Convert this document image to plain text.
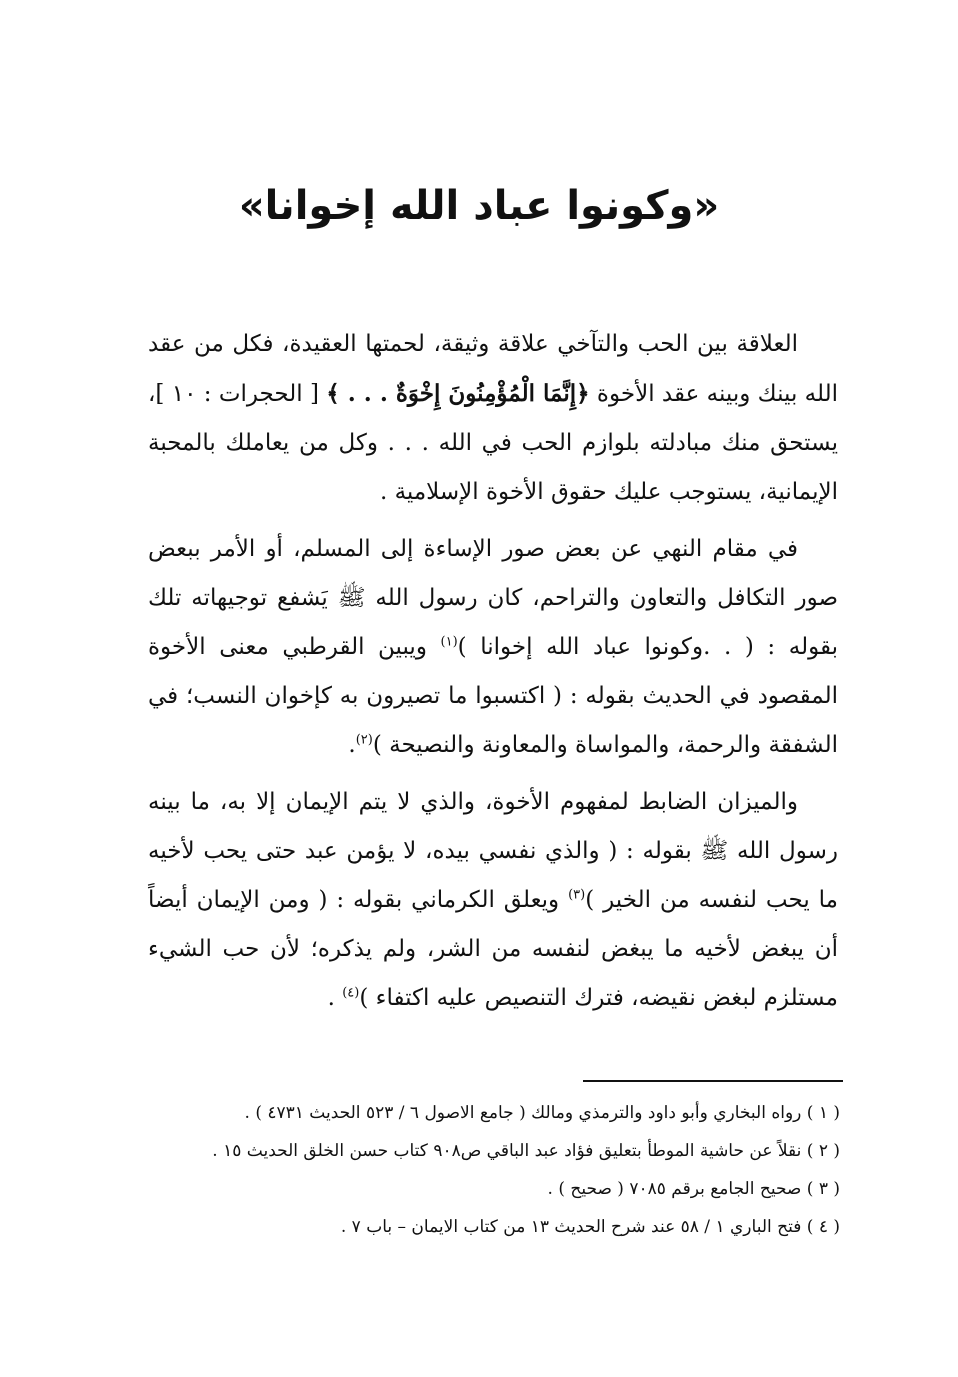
«وكونوا عباد الله إخوانا»

العلاقة بين الحب والتآخي علاقة وثيقة، لحمتها العقيدة، فكل من عقد الله بينك وبينه عقد الأخوة ﴿إِنَّمَا الْمُؤْمِنُونَ إِخْوَةٌ . . . ﴾ [ الحجرات : ١٠ ]، يستحق منك مبادلته بلوازم الحب في الله . . . وكل من يعاملك بالمحبة الإيمانية، يستوجب عليك حقوق الأخوة الإسلامية .

في مقام النهي عن بعض صور الإساءة إلى المسلم، أو الأمر ببعض صور التكافل والتعاون والتراحم، كان رسول الله ﷺ يَشفع توجيهاته تلك بقوله : ( . .وكونوا عباد الله إخوانا )$^{(١)}$ ويبين القرطبي معنى الأخوة المقصود في الحديث بقوله : ( اكتسبوا ما تصيرون به كإخوان النسب؛ في الشفقة والرحمة، والمواساة والمعاونة والنصيحة )$^{(٢)}$.

والميزان الضابط لمفهوم الأخوة، والذي لا يتم الإيمان إلا به، ما بينه رسول الله ﷺ بقوله : ( والذي نفسي بيده، لا يؤمن عبد حتى يحب لأخيه ما يحب لنفسه من الخير )$^{(٣)}$ ويعلق الكرماني بقوله : ( ومن الإيمان أيضاً أن يبغض لأخيه ما يبغض لنفسه من الشر، ولم يذكره؛ لأن حب الشيء مستلزم لبغض نقيضه، فترك التنصيص عليه اكتفاء )$^{(٤)}$ .

( ١ ) رواه البخاري وأبو داود والترمذي ومالك ( جامع الاصول ٦ / ٥٢٣ الحديث ٤٧٣١ ) .

( ٢ ) نقلاً عن حاشية الموطأ بتعليق فؤاد عبد الباقي ص٩٠٨ كتاب حسن الخلق الحديث ١٥ .

( ٣ ) صحيح الجامع برقم ٧٠٨٥ ( صحيح ) .

( ٤ ) فتح الباري ١ / ٥٨ عند شرح الحديث ١٣ من كتاب الايمان – باب ٧ .
